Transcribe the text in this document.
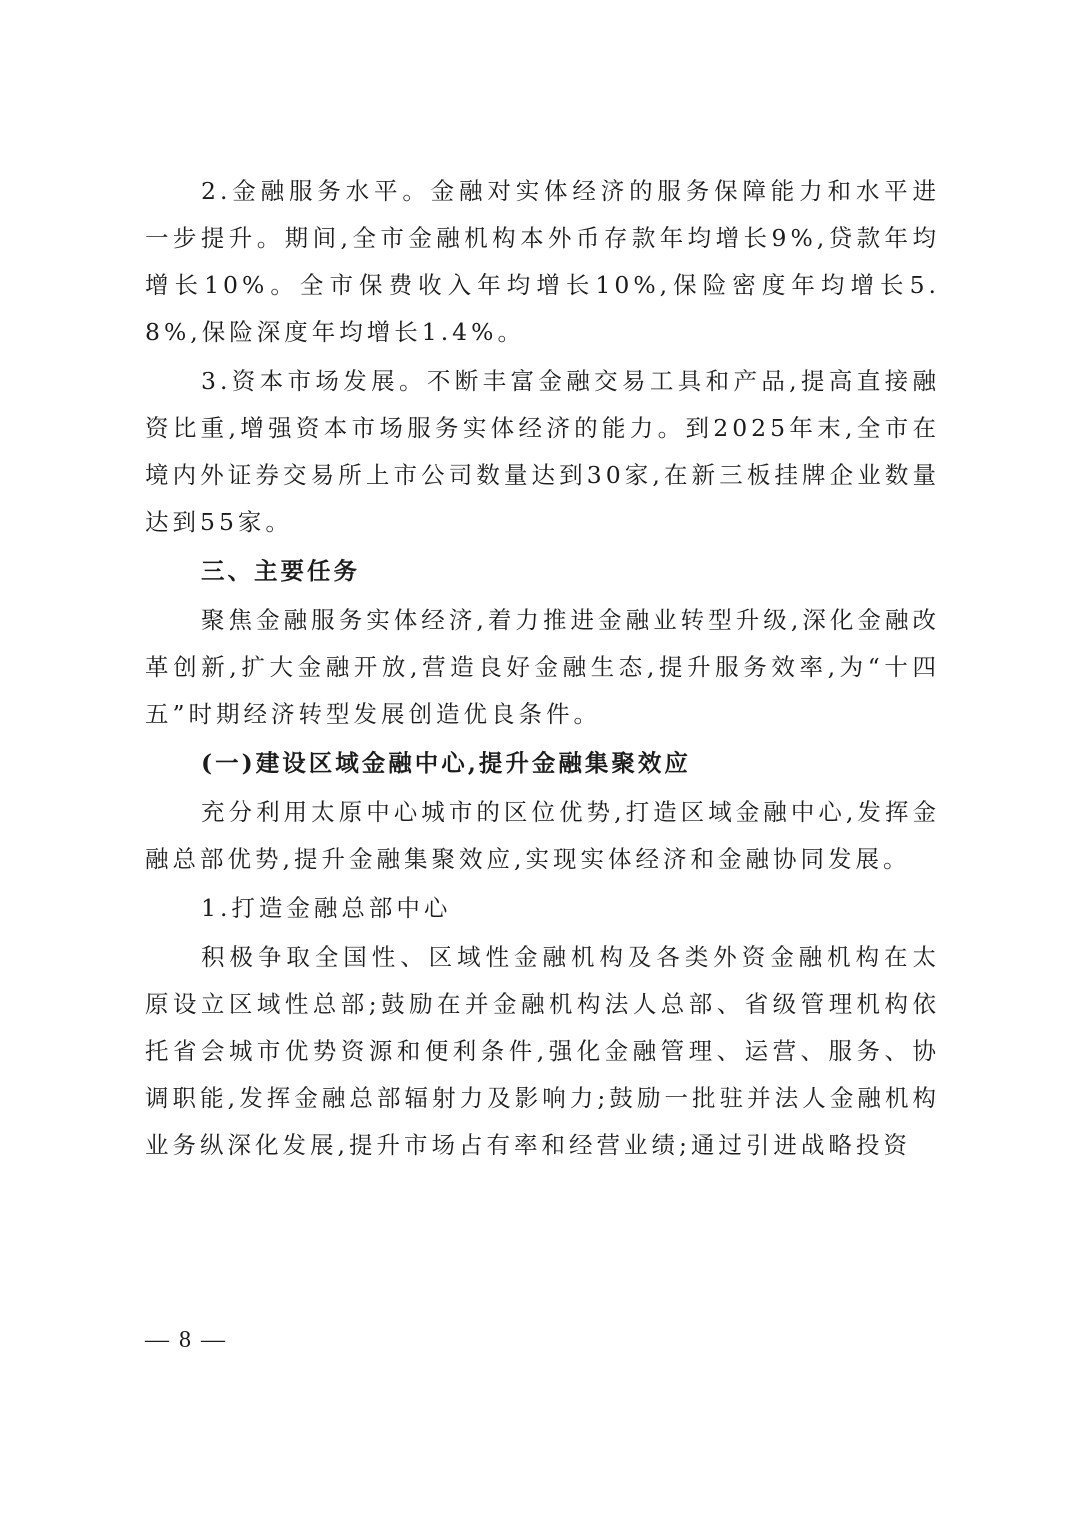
2.金融服务水平。金融对实体经济的服务保障能力和水平进一步提升。期间,全市金融机构本外币存款年均增长9%,贷款年均增长10%。全市保费收入年均增长10%,保险密度年均增长5.8%,保险深度年均增长1.4%。

3.资本市场发展。不断丰富金融交易工具和产品,提高直接融资比重,增强资本市场服务实体经济的能力。到2025年末,全市在境内外证券交易所上市公司数量达到30家,在新三板挂牌企业数量达到55家。

三、主要任务

聚焦金融服务实体经济,着力推进金融业转型升级,深化金融改革创新,扩大金融开放,营造良好金融生态,提升服务效率,为“十四五”时期经济转型发展创造优良条件。

(一)建设区域金融中心,提升金融集聚效应

充分利用太原中心城市的区位优势,打造区域金融中心,发挥金融总部优势,提升金融集聚效应,实现实体经济和金融协同发展。

1.打造金融总部中心

积极争取全国性、区域性金融机构及各类外资金融机构在太原设立区域性总部;鼓励在并金融机构法人总部、省级管理机构依托省会城市优势资源和便利条件,强化金融管理、运营、服务、协调职能,发挥金融总部辐射力及影响力;鼓励一批驻并法人金融机构业务纵深化发展,提升市场占有率和经营业绩;通过引进战略投资

— 8 —
